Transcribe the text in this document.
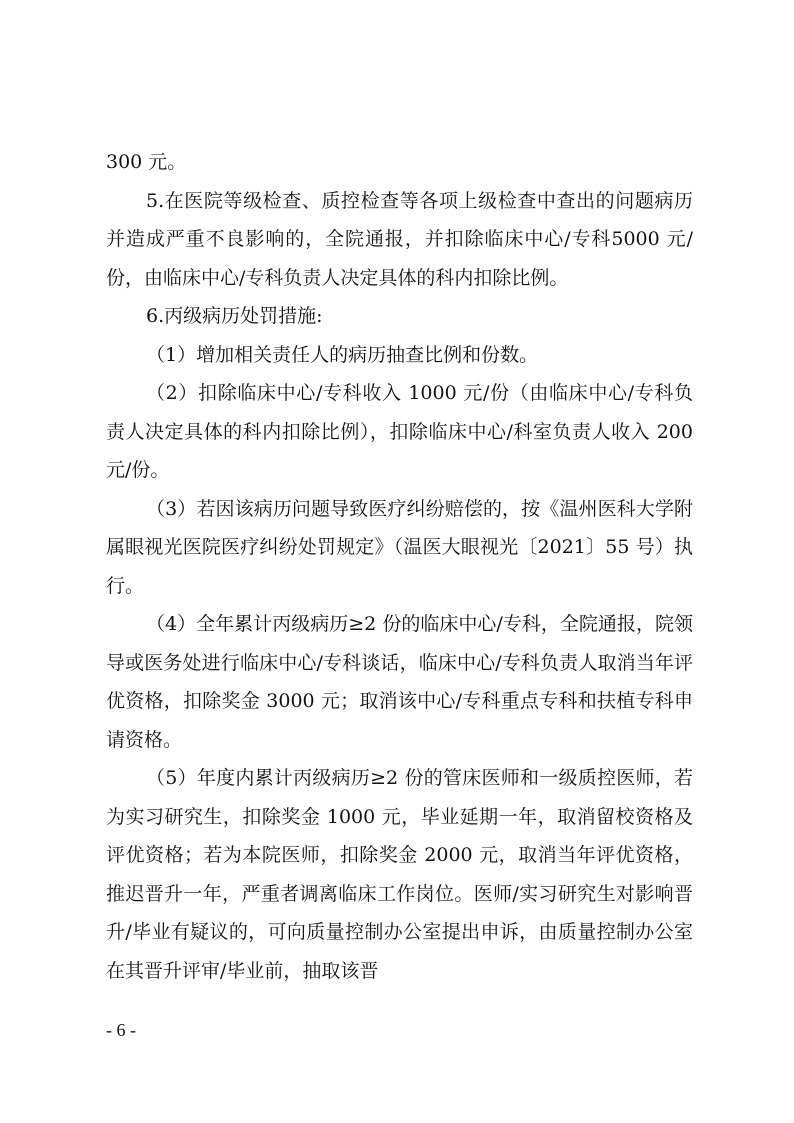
300 元。

5.在医院等级检查、质控检查等各项上级检查中查出的问题病历并造成严重不良影响的，全院通报，并扣除临床中心/专科5000 元/份，由临床中心/专科负责人决定具体的科内扣除比例。

6.丙级病历处罚措施:

（1）增加相关责任人的病历抽查比例和份数。

（2）扣除临床中心/专科收入 1000 元/份（由临床中心/专科负责人决定具体的科内扣除比例），扣除临床中心/科室负责人收入 200 元/份。

（3）若因该病历问题导致医疗纠纷赔偿的，按《温州医科大学附属眼视光医院医疗纠纷处罚规定》（温医大眼视光〔2021〕55 号）执行。

（4）全年累计丙级病历≥2 份的临床中心/专科，全院通报，院领导或医务处进行临床中心/专科谈话，临床中心/专科负责人取消当年评优资格，扣除奖金 3000 元；取消该中心/专科重点专科和扶植专科申请资格。

（5）年度内累计丙级病历≥2 份的管床医师和一级质控医师，若为实习研究生，扣除奖金 1000 元，毕业延期一年，取消留校资格及评优资格；若为本院医师，扣除奖金 2000 元，取消当年评优资格，推迟晋升一年，严重者调离临床工作岗位。医师/实习研究生对影响晋升/毕业有疑议的，可向质量控制办公室提出申诉，由质量控制办公室在其晋升评审/毕业前，抽取该晋

- 6 -
